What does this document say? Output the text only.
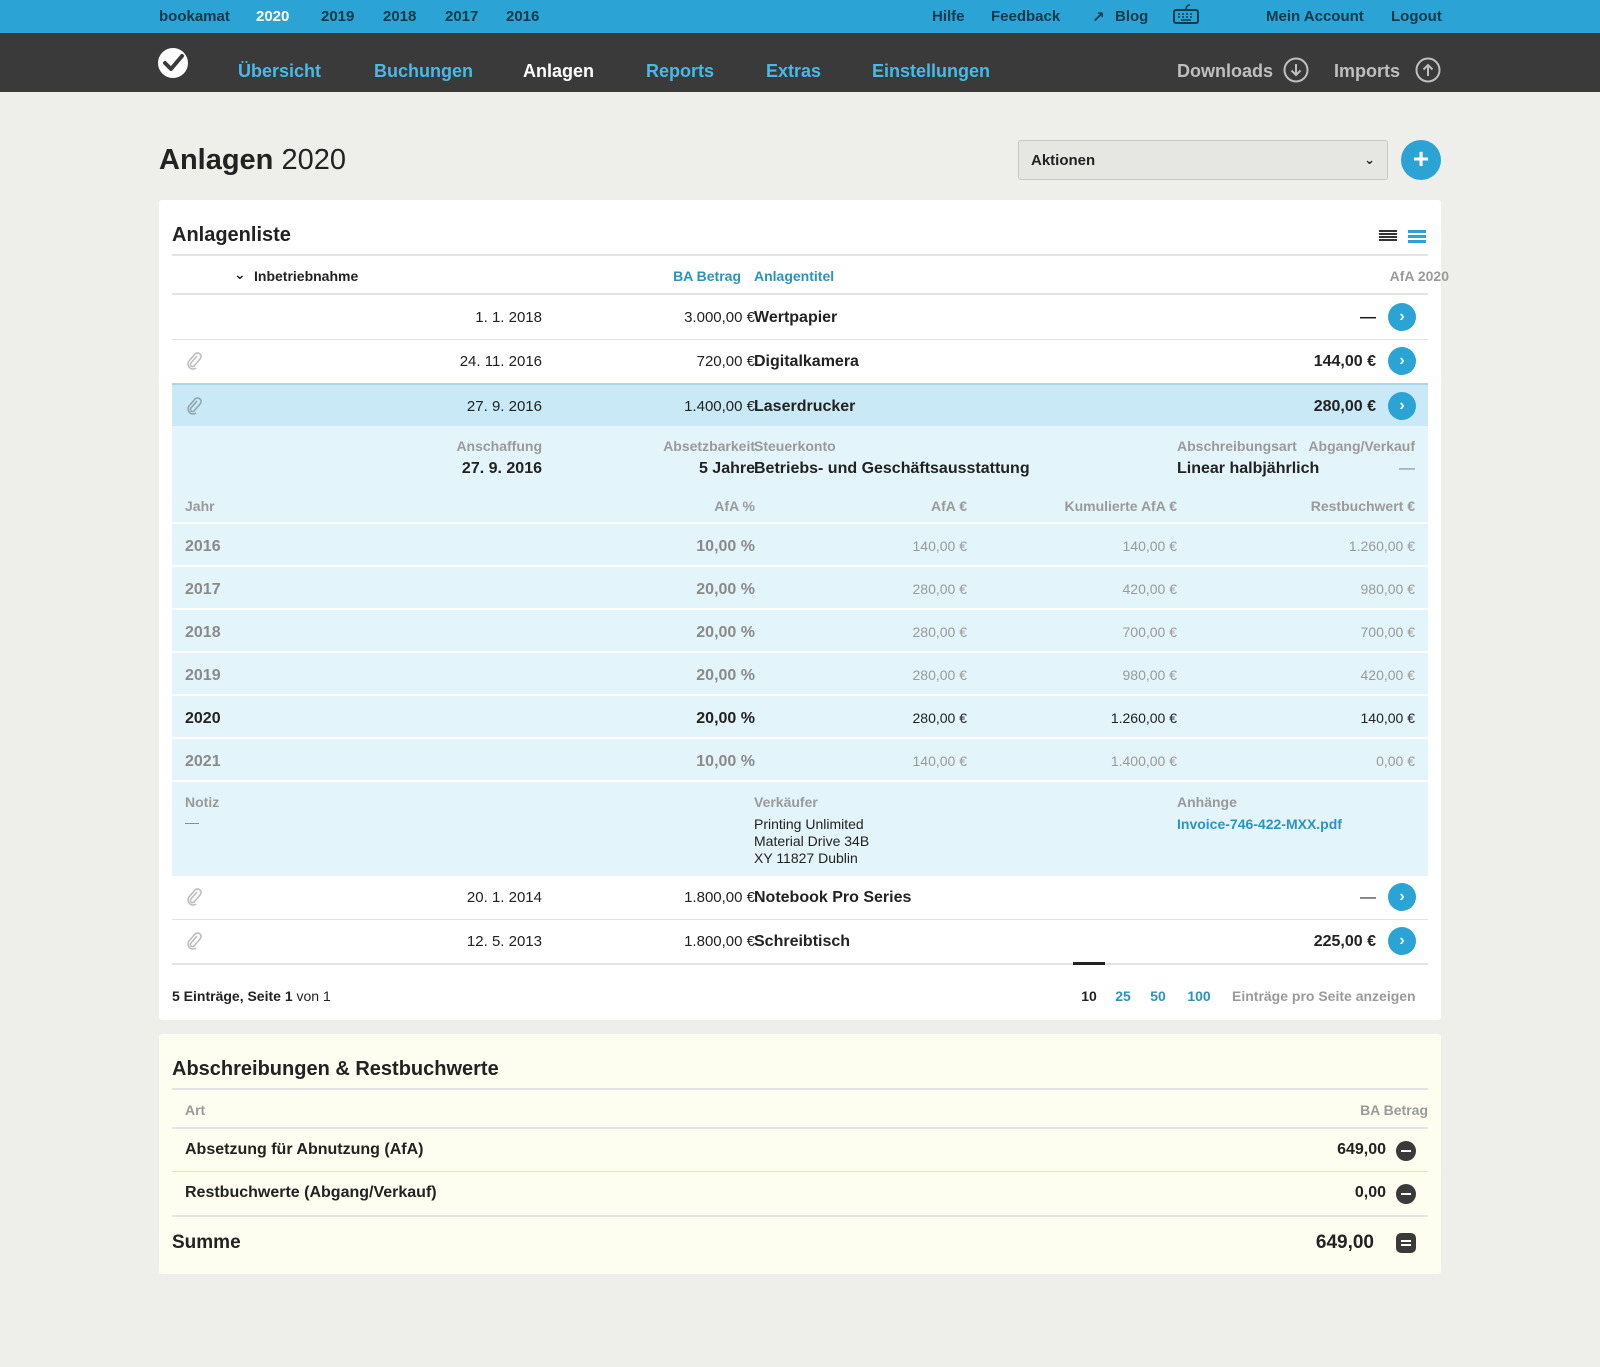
bookamat 2020 2019 2018 2017 2016	Hilfe Feedback ↗ Blog	Mein Account Logout
Übersicht	Buchungen	Anlagen	Reports	Extras	Einstellungen	Downloads	Imports
Anlagen 2020	Aktionen	⌄	+
Anlagenliste
⌄ Inbetriebnahme	BA Betrag Anlagentitel	AfA 2020
1. 1. 2018	3.000,00 € Wertpapier	—	›
24. 11. 2016	720,00 € Digitalkamera	144,00 €	›
27. 9. 2016	1.400,00 € Laserdrucker	280,00 €	›
Anschaffung
27. 9. 2016
Absetzbarkeit
5 Jahre
Steuerkonto
Betriebs- und Geschäftsausstattung
Abschreibungsart
Linear halbjährlich
Abgang/Verkauf
—
Jahr	AfA %	AfA €	Kumulierte AfA €	Restbuchwert €
2016	10,00 %	140,00 €	140,00 €	1.260,00 €
2017	20,00 %	280,00 €	420,00 €	980,00 €
2018	20,00 %	280,00 €	700,00 €	700,00 €
2019	20,00 %	280,00 €	980,00 €	420,00 €
2020	20,00 %	280,00 €	1.260,00 €	140,00 €
2021	10,00 %	140,00 €	1.400,00 €	0,00 €
Notiz
—
Verkäufer
Printing Unlimited
Material Drive 34B
XY 11827 Dublin
Anhänge
Invoice-746-422-MXX.pdf
20. 1. 2014	1.800,00 € Notebook Pro Series	—	›
12. 5. 2013	1.800,00 € Schreibtisch	225,00 €	›
5 Einträge, Seite 1 von 1	10	25	50	100	Einträge pro Seite anzeigen
Abschreibungen & Restbuchwerte
Art	BA Betrag
Absetzung für Abnutzung (AfA)	649,00
Restbuchwerte (Abgang/Verkauf)	0,00
Summe	649,00
